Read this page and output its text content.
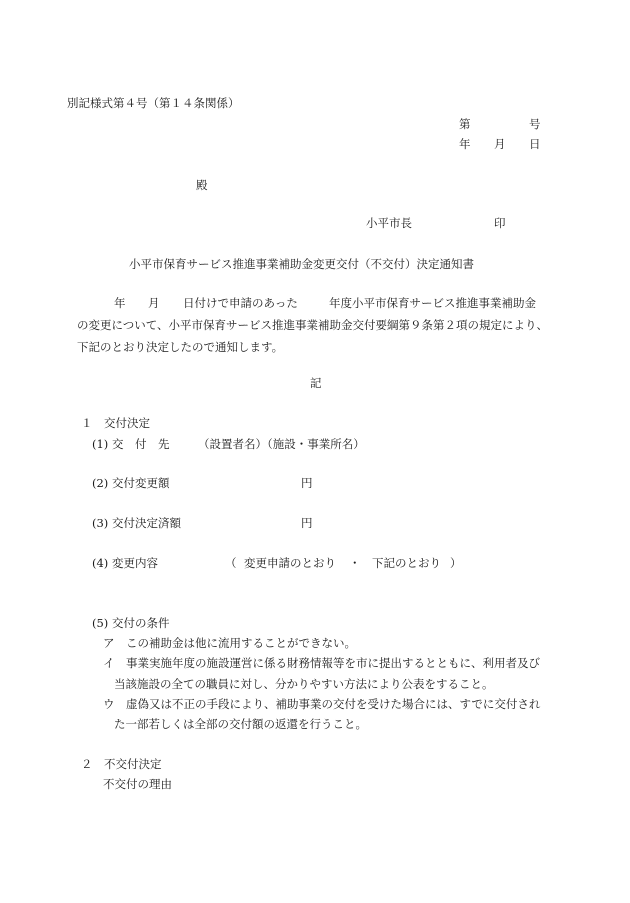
別記様式第４号（第１４条関係）
第	号
年 月 日
殿
小平市長	印
小平市保育サービス推進事業補助金変更交付（不交付）決定通知書
年 月 日付けで申請のあった	年度小平市保育サービス推進事業補助金
の変更について、小平市保育サービス推進事業補助金交付要綱第９条第２項の規定により、
下記のとおり決定したので通知します。
記
１　交付決定
(1) 交　付　先 （設置者名）（施設・事業所名）
(2) 交付変更額	円
(3) 交付決定済額	円
(4) 変更内容	（ 変更申請のとおり ・ 下記のとおり ）
(5) 交付の条件
ア　この補助金は他に流用することができない。
イ　事業実施年度の施設運営に係る財務情報等を市に提出するとともに、利用者及び
当該施設の全ての職員に対し、分かりやすい方法により公表をすること。
ウ　虚偽又は不正の手段により、補助事業の交付を受けた場合には、すでに交付され
た一部若しくは全部の交付額の返還を行うこと。
２　不交付決定
不交付の理由
